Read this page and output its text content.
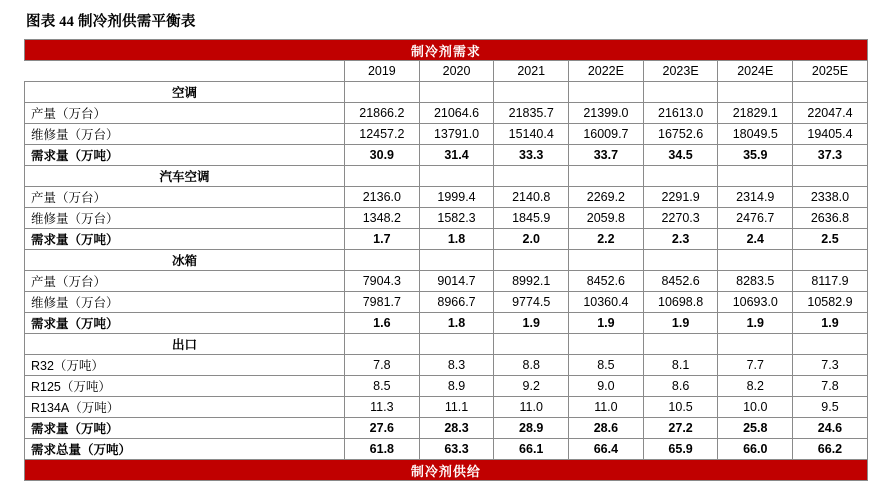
图表 44 制冷剂供需平衡表
制冷剂需求							
	2019	2020	2021	2022E	2023E	2024E	2025E
空调							
产量（万台）	21866.2	21064.6	21835.7	21399.0	21613.0	21829.1	22047.4
维修量（万台）	12457.2	13791.0	15140.4	16009.7	16752.6	18049.5	19405.4
需求量（万吨）	30.9	31.4	33.3	33.7	34.5	35.9	37.3
汽车空调							
产量（万台）	2136.0	1999.4	2140.8	2269.2	2291.9	2314.9	2338.0
维修量（万台）	1348.2	1582.3	1845.9	2059.8	2270.3	2476.7	2636.8
需求量（万吨）	1.7	1.8	2.0	2.2	2.3	2.4	2.5
冰箱							
产量（万台）	7904.3	9014.7	8992.1	8452.6	8452.6	8283.5	8117.9
维修量（万台）	7981.7	8966.7	9774.5	10360.4	10698.8	10693.0	10582.9
需求量（万吨）	1.6	1.8	1.9	1.9	1.9	1.9	1.9
出口							
R32（万吨）	7.8	8.3	8.8	8.5	8.1	7.7	7.3
R125（万吨）	8.5	8.9	9.2	9.0	8.6	8.2	7.8
R134A（万吨）	11.3	11.1	11.0	11.0	10.5	10.0	9.5
需求量（万吨）	27.6	28.3	28.9	28.6	27.2	25.8	24.6
需求总量（万吨）	61.8	63.3	66.1	66.4	65.9	66.0	66.2
制冷剂供给							
